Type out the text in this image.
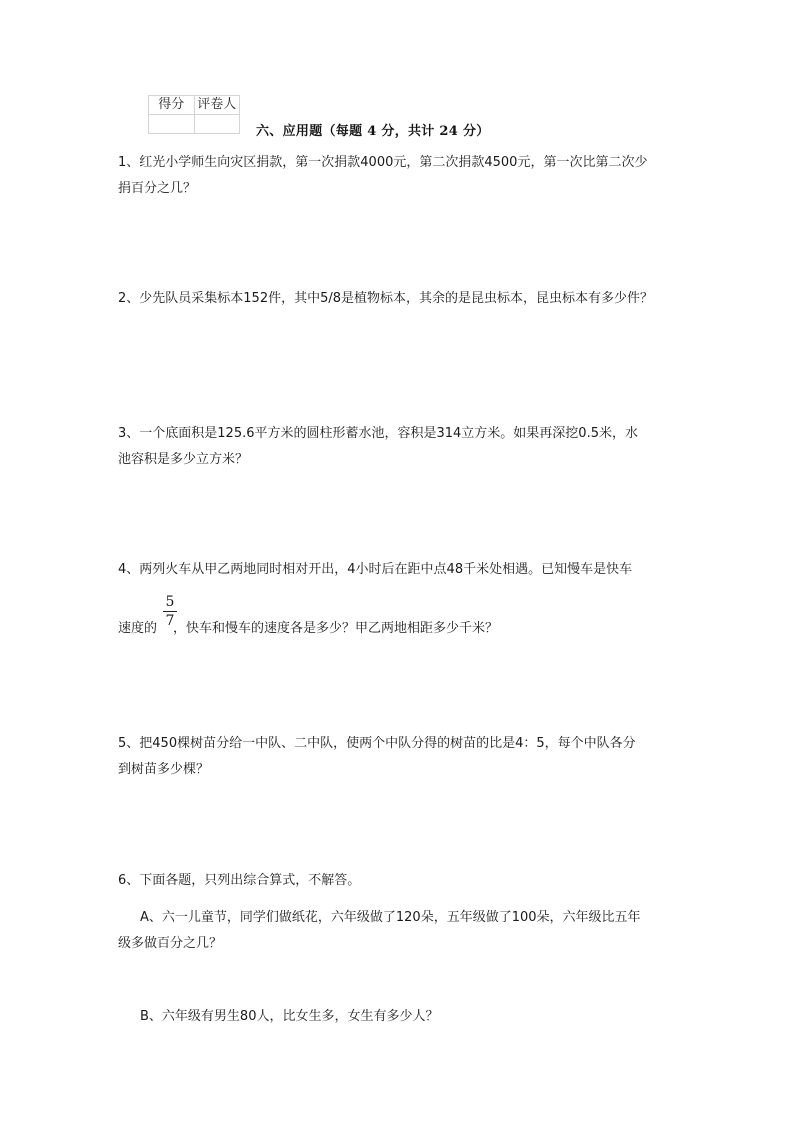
得分	评卷人

六、应用题（每题 4 分，共计 24 分）
1、红光小学师生向灾区捐款，第一次捐款4000元，第二次捐款4500元，第一次比第二次少
捐百分之几？
2、少先队员采集标本152件，其中5/8是植物标本，其余的是昆虫标本，昆虫标本有多少件？
3、一个底面积是125.6平方米的圆柱形蓄水池，容积是314立方米。如果再深挖0.5米，水
池容积是多少立方米？
4、两列火车从甲乙两地同时相对开出，4小时后在距中点48千米处相遇。已知慢车是快车
5
7
速度的 ，快车和慢车的速度各是多少？甲乙两地相距多少千米？
5、把450棵树苗分给一中队、二中队，使两个中队分得的树苗的比是4：5，每个中队各分
到树苗多少棵？
6、下面各题，只列出综合算式，不解答。
A、六一儿童节，同学们做纸花，六年级做了120朵，五年级做了100朵，六年级比五年
级多做百分之几？
B、六年级有男生80人，比女生多，女生有多少人？
